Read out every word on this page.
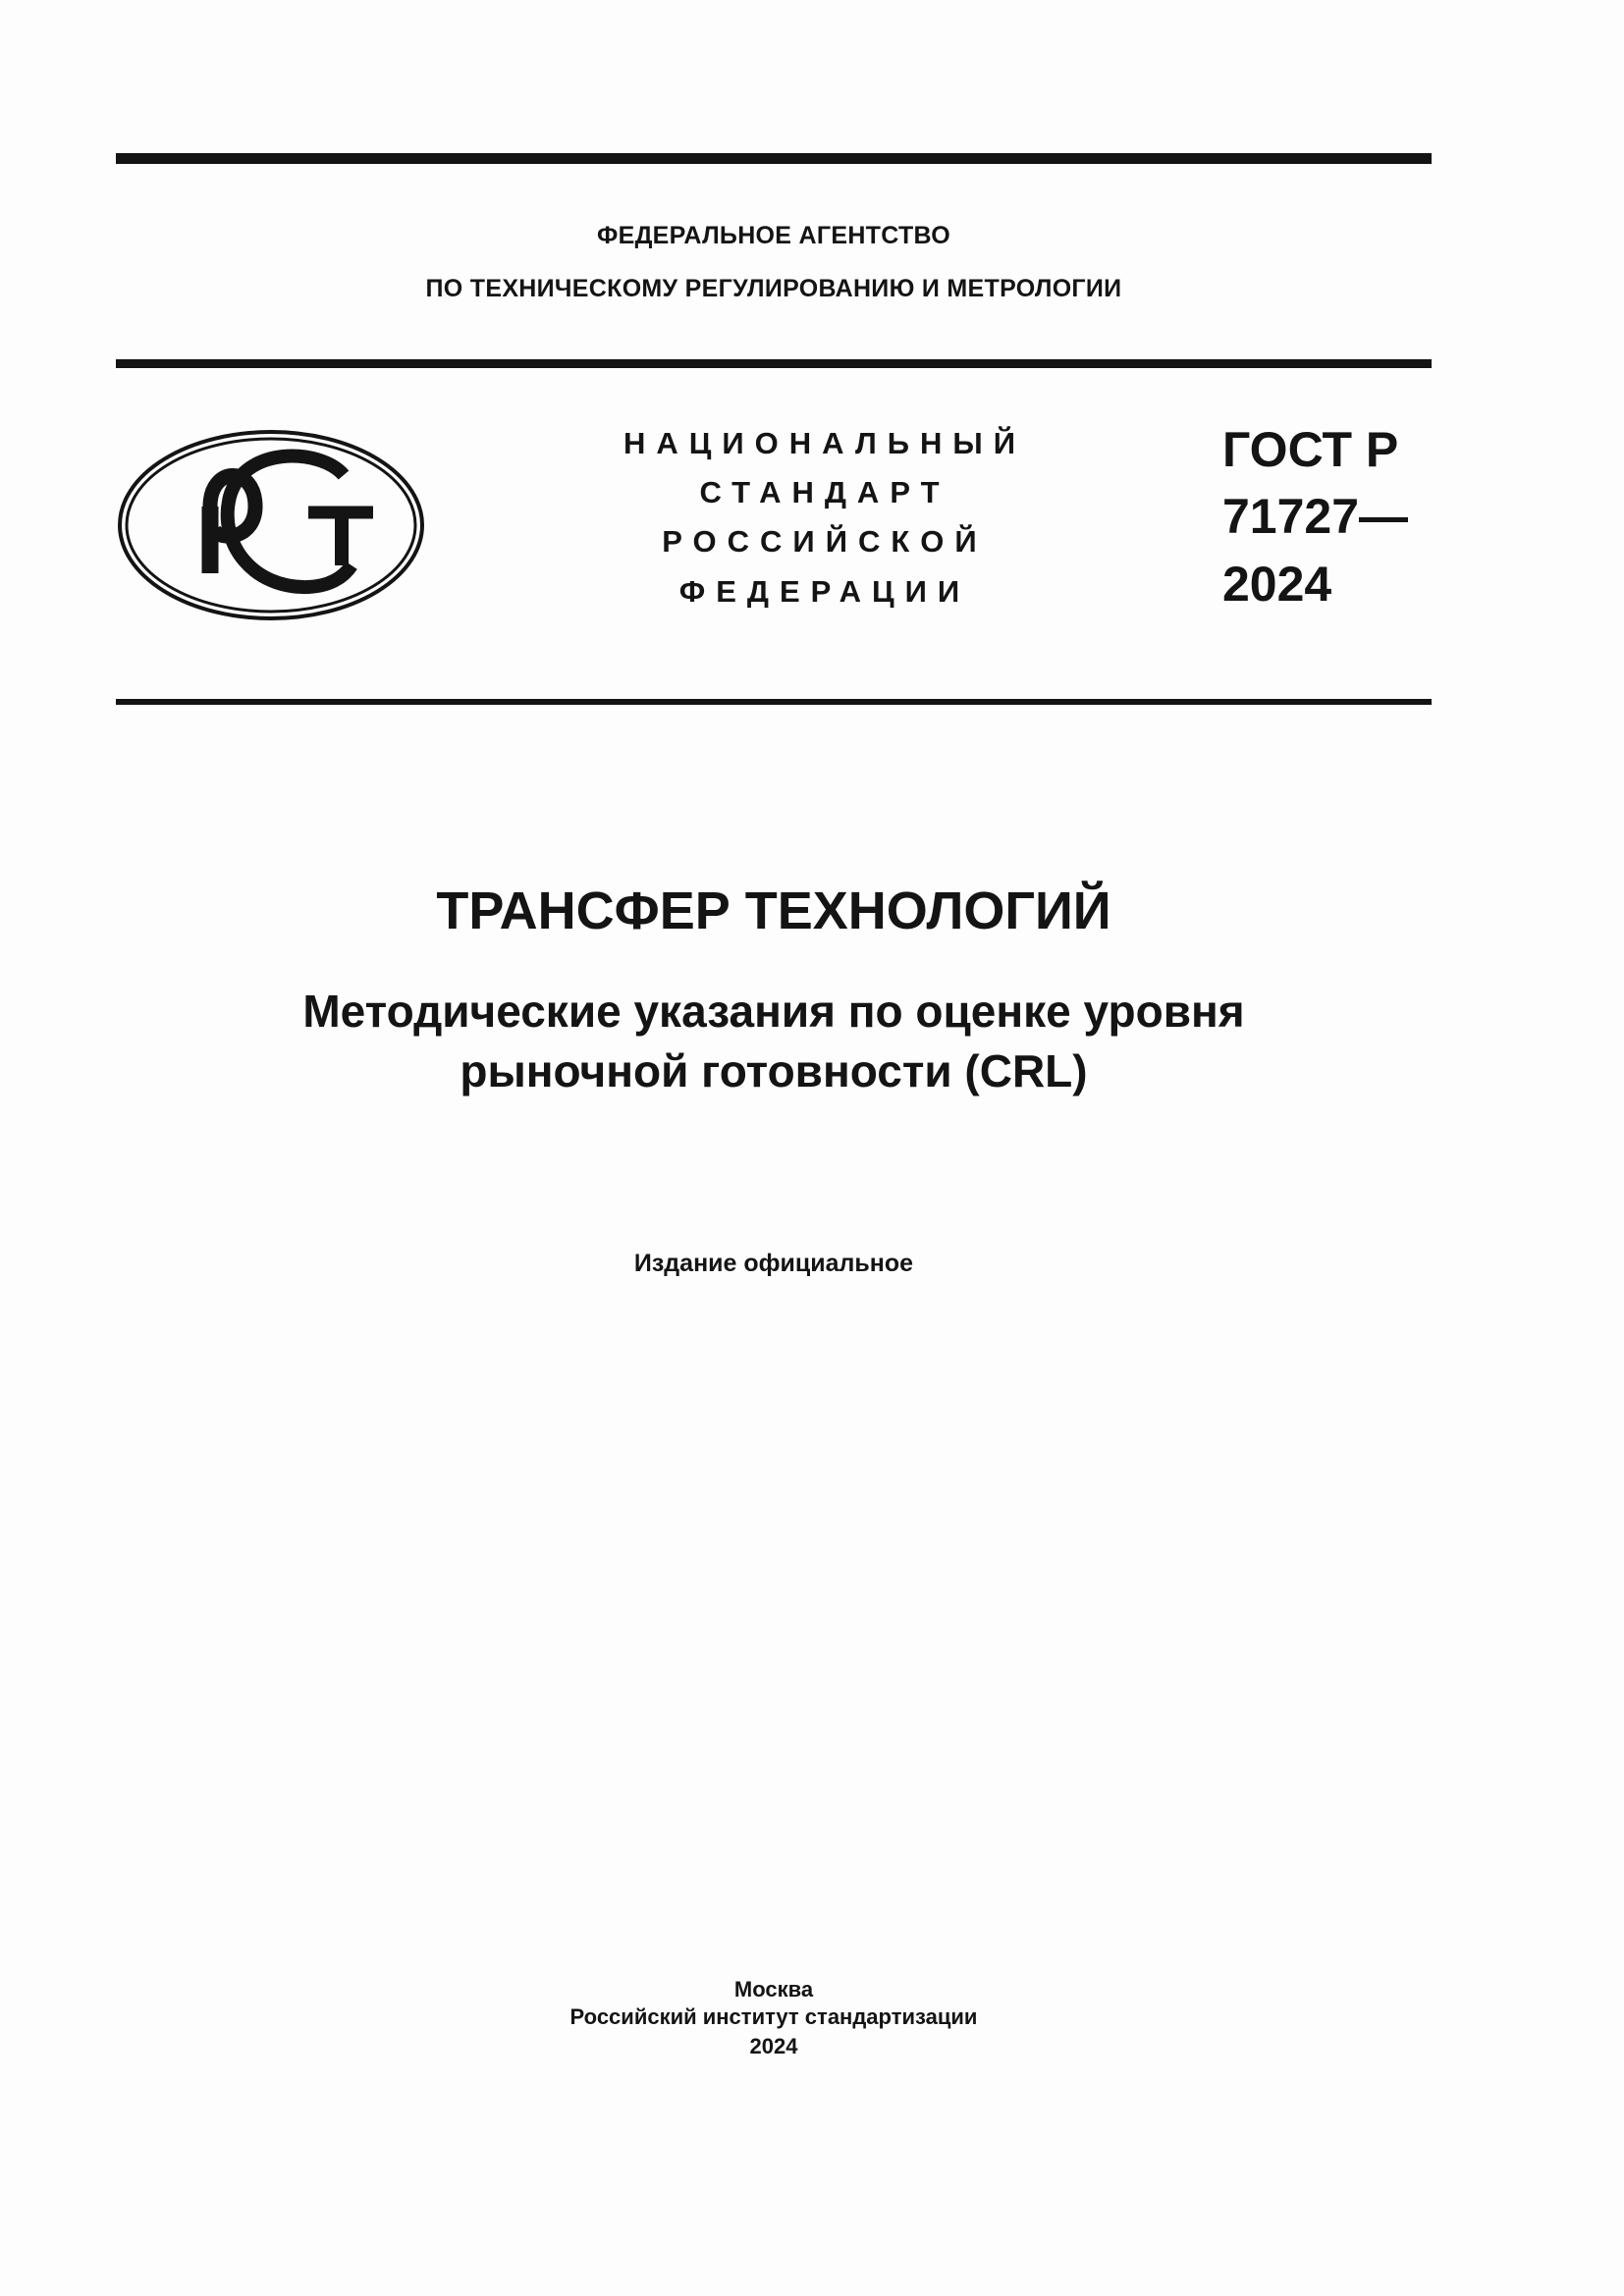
ФЕДЕРАЛЬНОЕ АГЕНТСТВО
ПО ТЕХНИЧЕСКОМУ РЕГУЛИРОВАНИЮ И МЕТРОЛОГИИ
НАЦИОНАЛЬНЫЙ
СТАНДАРТ
РОССИЙСКОЙ
ФЕДЕРАЦИИ
ГОСТ Р
71727—
2024
ТРАНСФЕР ТЕХНОЛОГИЙ
Методические указания по оценке уровня
рыночной готовности (CRL)
Издание официальное
Москва
Российский институт стандартизации
2024
